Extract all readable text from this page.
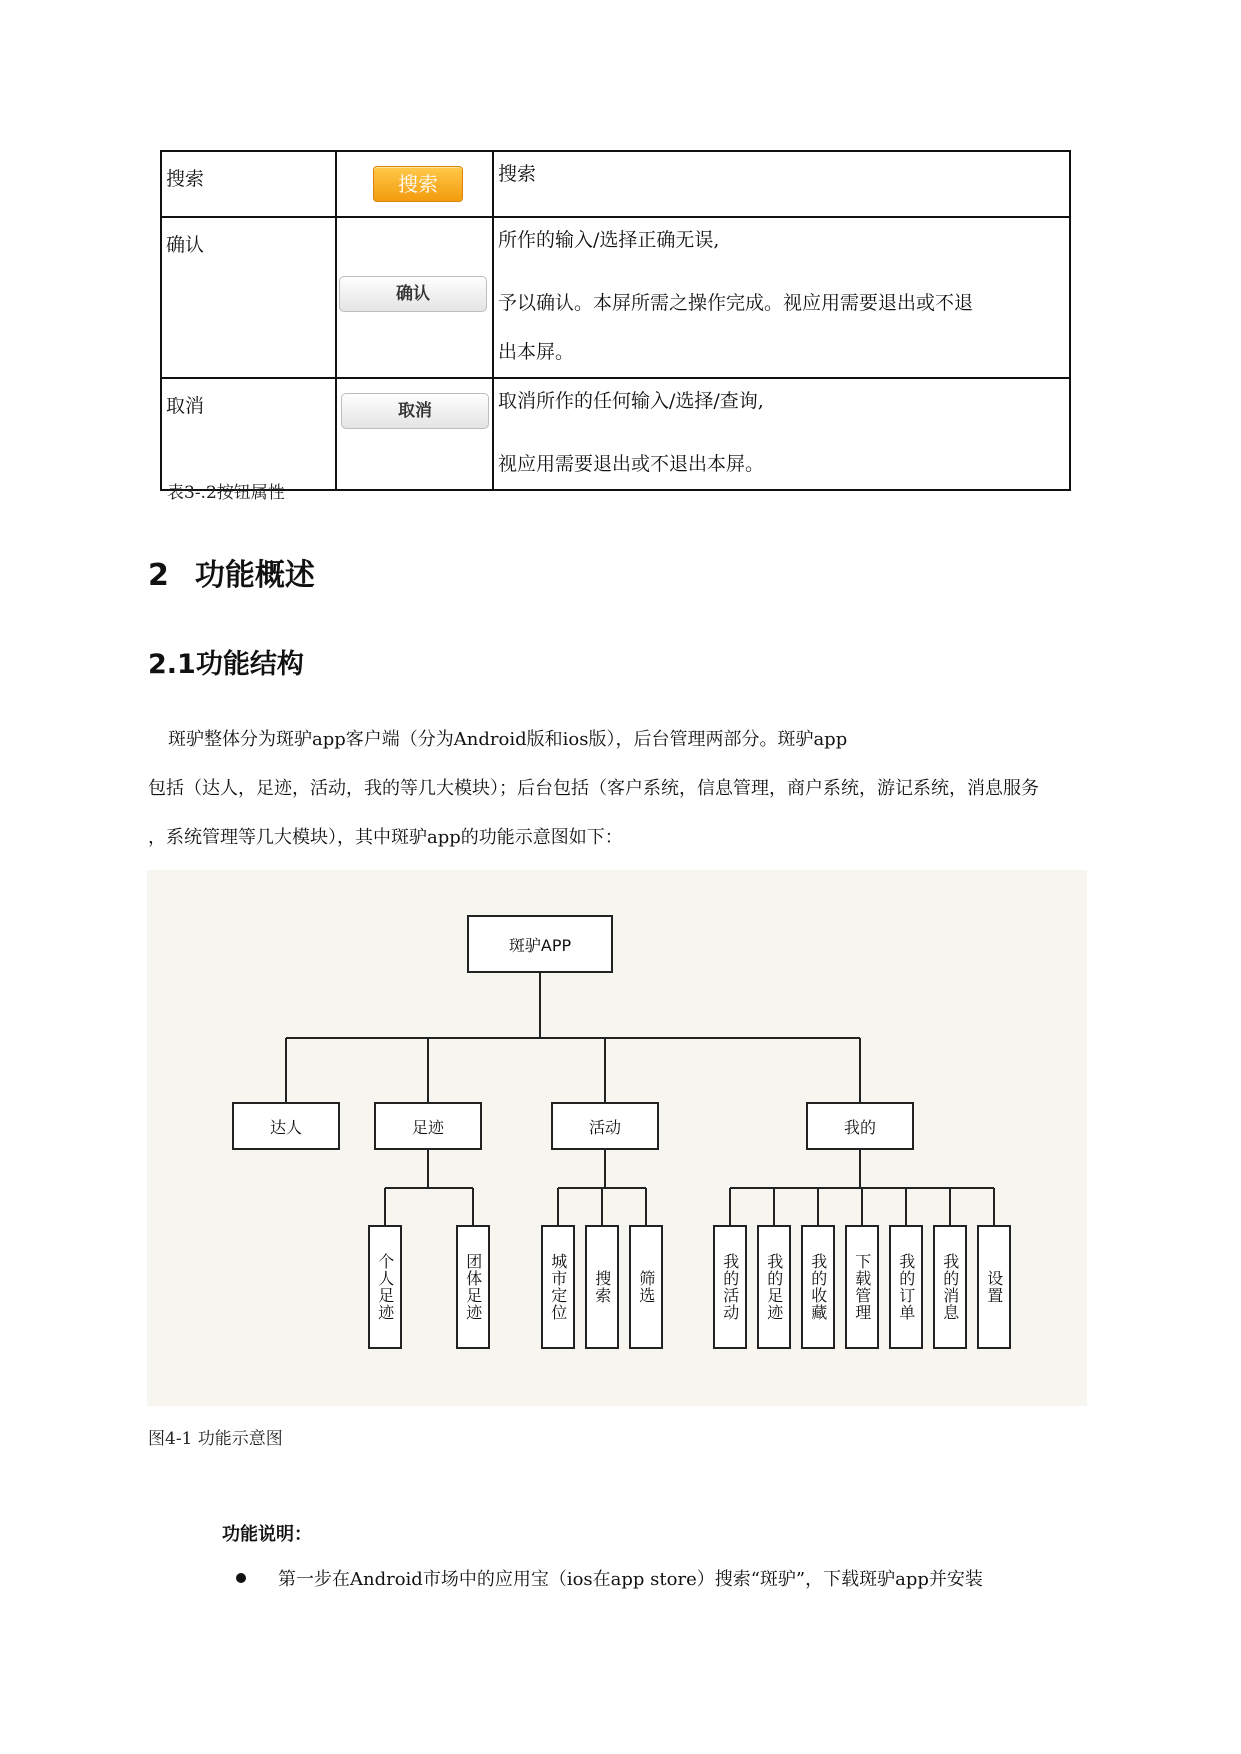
搜索	搜索	搜索

确认	确认	所作的输入/选择正确无误,
予以确认。本屏所需之操作完成。视应用需要退出或不退
出本屏。
取消	取消	取消所作的任何输入/选择/查询,
视应用需要退出或不退出本屏。
表3-.2按钮属性
2 功能概述
2.1功能结构
斑驴整体分为斑驴app客户端（分为Android版和ios版），后台管理两部分。斑驴app
包括（达人，足迹，活动，我的等几大模块）；后台包括（客户系统，信息管理，商户系统，游记系统，消息服务
，系统管理等几大模块），其中斑驴app的功能示意图如下：
斑驴APP
达人	足迹
个人足迹	团体足迹
活动
城市定位	搜索	筛选
我的
我的活动	我的足迹	我的收藏	下载管理	我的订单	我的消息	设置
图4-1 功能示意图
功能说明：
第一步在Android市场中的应用宝（ios在app store）搜索“斑驴”，下载斑驴app并安装
